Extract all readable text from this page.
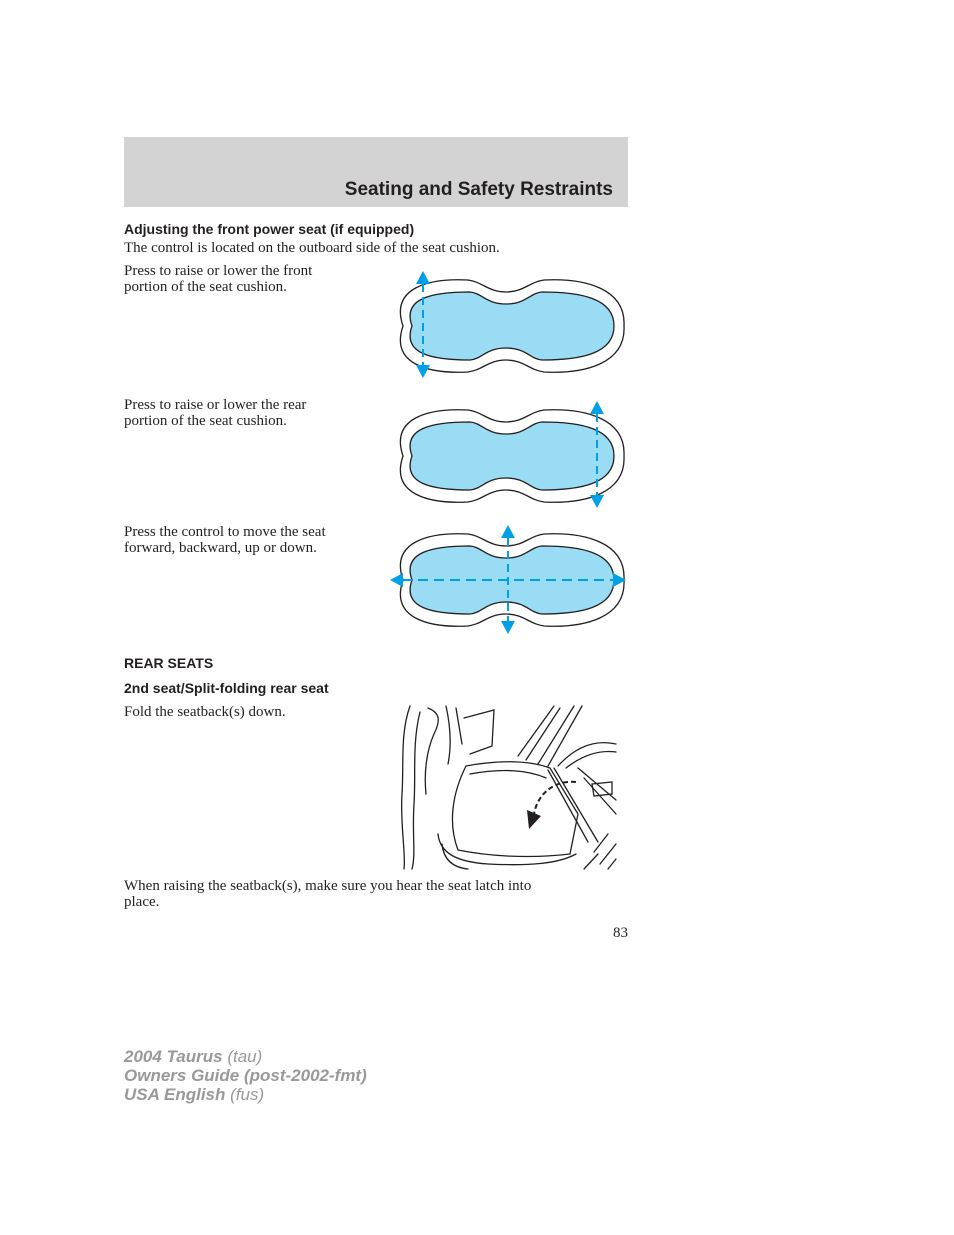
Seating and Safety Restraints
Adjusting the front power seat (if equipped)
The control is located on the outboard side of the seat cushion.
Press to raise or lower the front
portion of the seat cushion.
Press to raise or lower the rear
portion of the seat cushion.
Press the control to move the seat
forward, backward, up or down.
REAR SEATS
2nd seat/Split-folding rear seat
Fold the seatback(s) down.
When raising the seatback(s), make sure you hear the seat latch into
place.
83
2004 Taurus (tau)
Owners Guide (post-2002-fmt)
USA English (fus)
